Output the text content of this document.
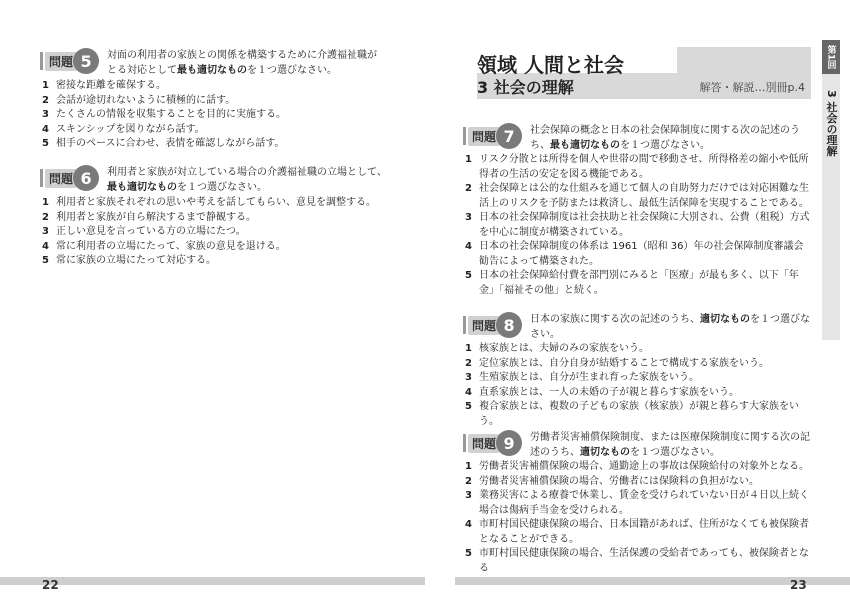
問題 5	対面の利用者の家族との関係を構築するために介護福祉職が
とる対応として最も適切なものを１つ選びなさい。
1 密接な距離を確保する。
2 会話が途切れないように積極的に話す。
3 たくさんの情報を収集することを目的に実施する。
4 スキンシップを図りながら話す。
5 相手のペースに合わせ、表情を確認しながら話す。
問題 6	利用者と家族が対立している場合の介護福祉職の立場として、
最も適切なものを１つ選びなさい。
1 利用者と家族それぞれの思いや考えを話してもらい、意見を調整する。
2 利用者と家族が自ら解決するまで静観する。
3 正しい意見を言っている方の立場にたつ。
4 常に利用者の立場にたって、家族の意見を退ける。
5 常に家族の立場にたって対応する。
22
領域 人間と社会
3 社会の理解	解答・解説…別冊p.4
第1回
3 社会の理解
問題 7	社会保障の概念と日本の社会保障制度に関する次の記述のう
ち、最も適切なものを１つ選びなさい。
1 リスク分散とは所得を個人や世帯の間で移動させ、所得格差の縮小や低所得者の生活の安定を図る機能である。
2 社会保障とは公的な仕組みを通じて個人の自助努力だけでは対応困難な生活上のリスクを予防または救済し、最低生活保障を実現することである。
3 日本の社会保障制度は社会扶助と社会保険に大別され、公費（租税）方式を中心に制度が構築されている。
4 日本の社会保障制度の体系は 1961（昭和 36）年の社会保障制度審議会勧告によって構築された。
5 日本の社会保障給付費を部門別にみると「医療」が最も多く、以下「年金」「福祉その他」と続く。
問題 8	日本の家族に関する次の記述のうち、適切なものを１つ選びなさい。
1 核家族とは、夫婦のみの家族をいう。
2 定位家族とは、自分自身が結婚することで構成する家族をいう。
3 生殖家族とは、自分が生まれ育った家族をいう。
4 直系家族とは、一人の未婚の子が親と暮らす家族をいう。
5 複合家族とは、複数の子どもの家族（核家族）が親と暮らす大家族をいう。
問題 9	労働者災害補償保険制度、または医療保険制度に関する次の記
述のうち、適切なものを１つ選びなさい。
1 労働者災害補償保険の場合、通勤途上の事故は保険給付の対象外となる。
2 労働者災害補償保険の場合、労働者には保険料の負担がない。
3 業務災害による療養で休業し、賃金を受けられていない日が４日以上続く場合は傷病手当金を受けられる。
4 市町村国民健康保険の場合、日本国籍があれば、住所がなくても被保険者となることができる。
5 市町村国民健康保険の場合、生活保護の受給者であっても、被保険者となる
23
